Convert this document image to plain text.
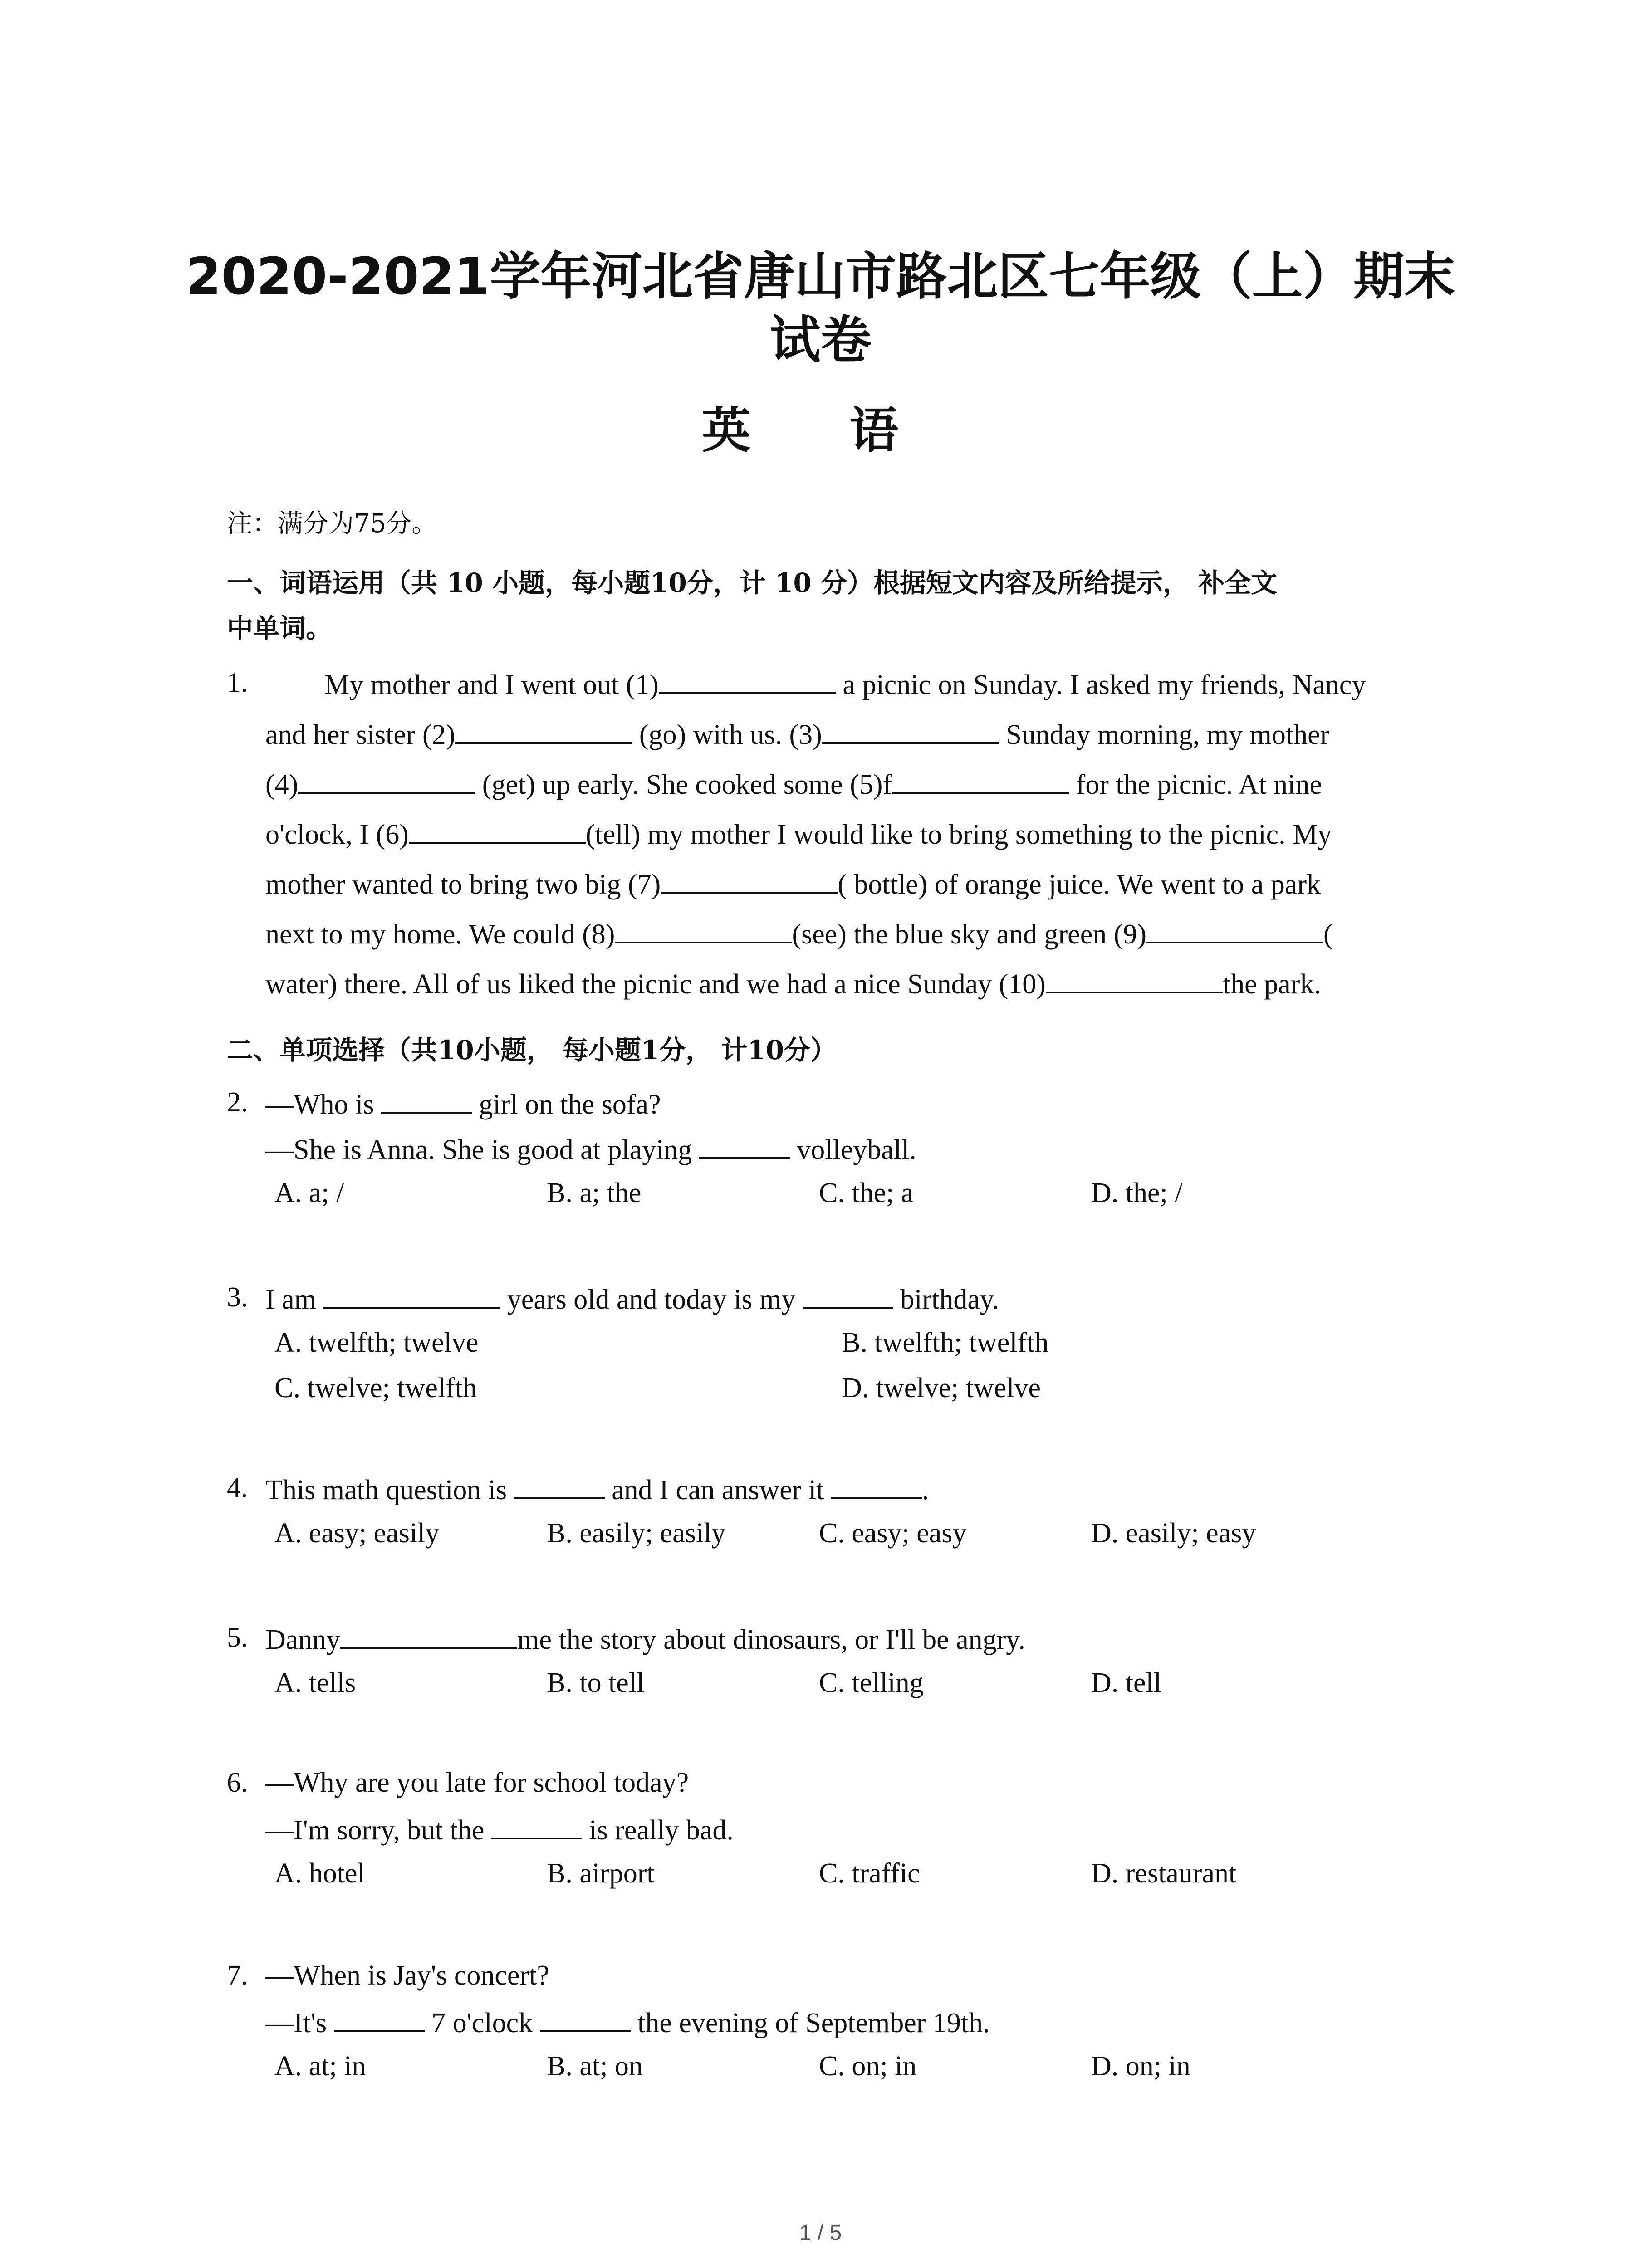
2020-2021学年河北省唐山市路北区七年级（上）期末
试卷
英 语
注：满分为75分。
一、词语运用（共 10 小题，每小题10分，计 10 分）根据短文内容及所给提示， 补全文
中单词。
1.	My mother and I went out (1)	a picnic on Sunday. I asked my friends, Nancy
and her sister (2)	(go) with us. (3)	Sunday morning, my mother
(4)	(get) up early. She cooked some (5)f	for the picnic. At nine
o'clock, I (6)	(tell) my mother I would like to bring something to the picnic. My
mother wanted to bring two big (7)	( bottle) of orange juice. We went to a park
next to my home. We could (8)	(see) the blue sky and green (9)	(
water) there. All of us liked the picnic and we had a nice Sunday (10)	the park.
二、单项选择（共10小题， 每小题1分， 计10分）
2. —Who is	girl on the sofa?
—She is Anna. She is good at playing	volleyball.
A. a; /	B. a; the	C. the; a	D. the; /
3. I am	years old and today is my	birthday.
A. twelfth; twelve	B. twelfth; twelfth
C. twelve; twelfth	D. twelve; twelve
4. This math question is	and I can answer it	.
A. easy; easily	B. easily; easily	C. easy; easy	D. easily; easy
5. Danny	me the story about dinosaurs, or I'll be angry.
A. tells	B. to tell	C. telling	D. tell
6. —Why are you late for school today?
—I'm sorry, but the	is really bad.
A. hotel	B. airport	C. traffic	D. restaurant
7. —When is Jay's concert?
—It's	7 o'clock	the evening of September 19th.
A. at; in	B. at; on	C. on; in	D. on; in
1 / 5
